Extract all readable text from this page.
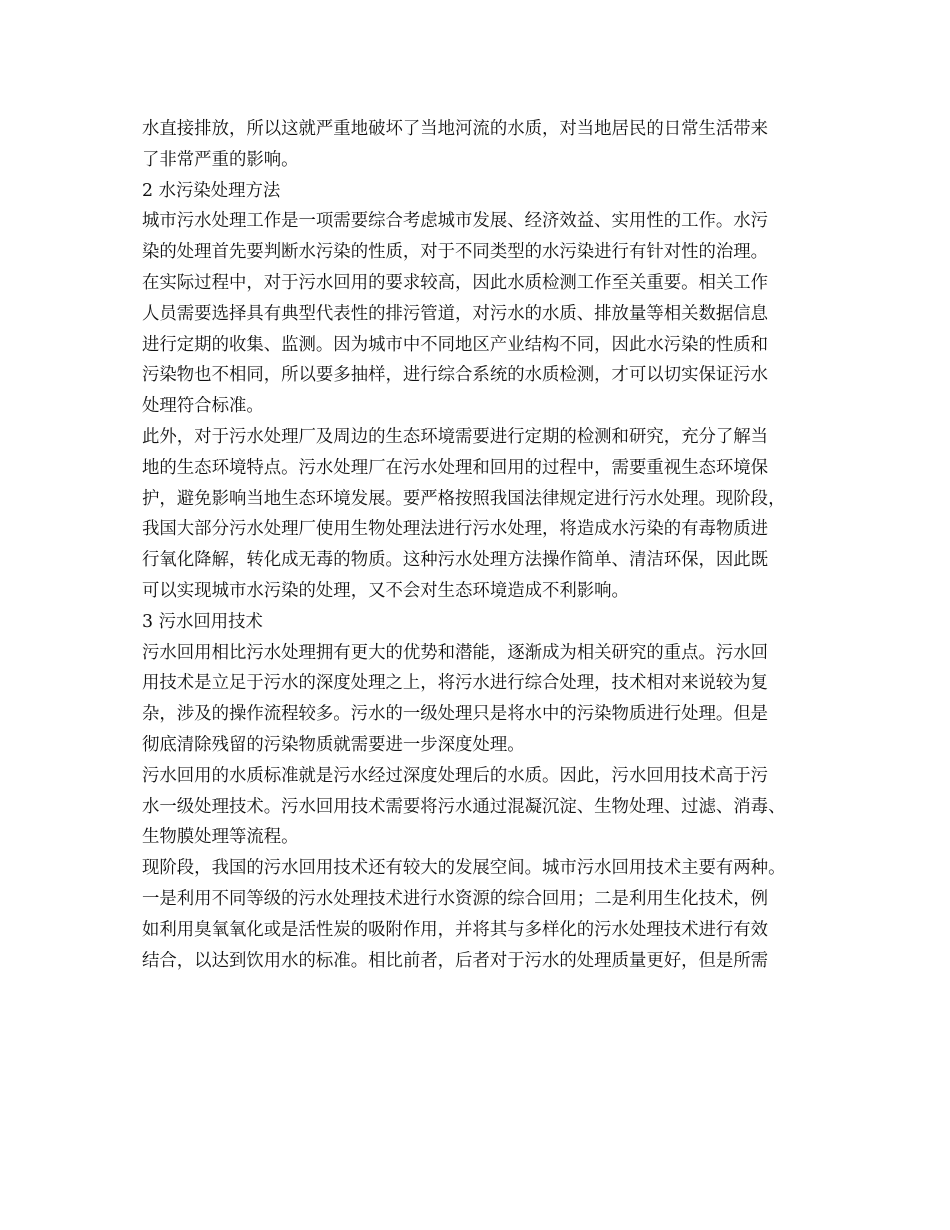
水直接排放，所以这就严重地破坏了当地河流的水质，对当地居民的日常生活带来
了非常严重的影响。
2 水污染处理方法
城市污水处理工作是一项需要综合考虑城市发展、经济效益、实用性的工作。水污
染的处理首先要判断水污染的性质，对于不同类型的水污染进行有针对性的治理。
在实际过程中，对于污水回用的要求较高，因此水质检测工作至关重要。相关工作
人员需要选择具有典型代表性的排污管道，对污水的水质、排放量等相关数据信息
进行定期的收集、监测。因为城市中不同地区产业结构不同，因此水污染的性质和
污染物也不相同，所以要多抽样，进行综合系统的水质检测，才可以切实保证污水
处理符合标准。
此外，对于污水处理厂及周边的生态环境需要进行定期的检测和研究，充分了解当
地的生态环境特点。污水处理厂在污水处理和回用的过程中，需要重视生态环境保
护，避免影响当地生态环境发展。要严格按照我国法律规定进行污水处理。现阶段，
我国大部分污水处理厂使用生物处理法进行污水处理，将造成水污染的有毒物质进
行氧化降解，转化成无毒的物质。这种污水处理方法操作简单、清洁环保，因此既
可以实现城市水污染的处理，又不会对生态环境造成不利影响。
3 污水回用技术
污水回用相比污水处理拥有更大的优势和潜能，逐渐成为相关研究的重点。污水回
用技术是立足于污水的深度处理之上，将污水进行综合处理，技术相对来说较为复
杂，涉及的操作流程较多。污水的一级处理只是将水中的污染物质进行处理。但是
彻底清除残留的污染物质就需要进一步深度处理。
污水回用的水质标准就是污水经过深度处理后的水质。因此，污水回用技术高于污
水一级处理技术。污水回用技术需要将污水通过混凝沉淀、生物处理、过滤、消毒、
生物膜处理等流程。
现阶段，我国的污水回用技术还有较大的发展空间。城市污水回用技术主要有两种。
一是利用不同等级的污水处理技术进行水资源的综合回用；二是利用生化技术，例
如利用臭氧氧化或是活性炭的吸附作用，并将其与多样化的污水处理技术进行有效
结合，以达到饮用水的标准。相比前者，后者对于污水的处理质量更好，但是所需
